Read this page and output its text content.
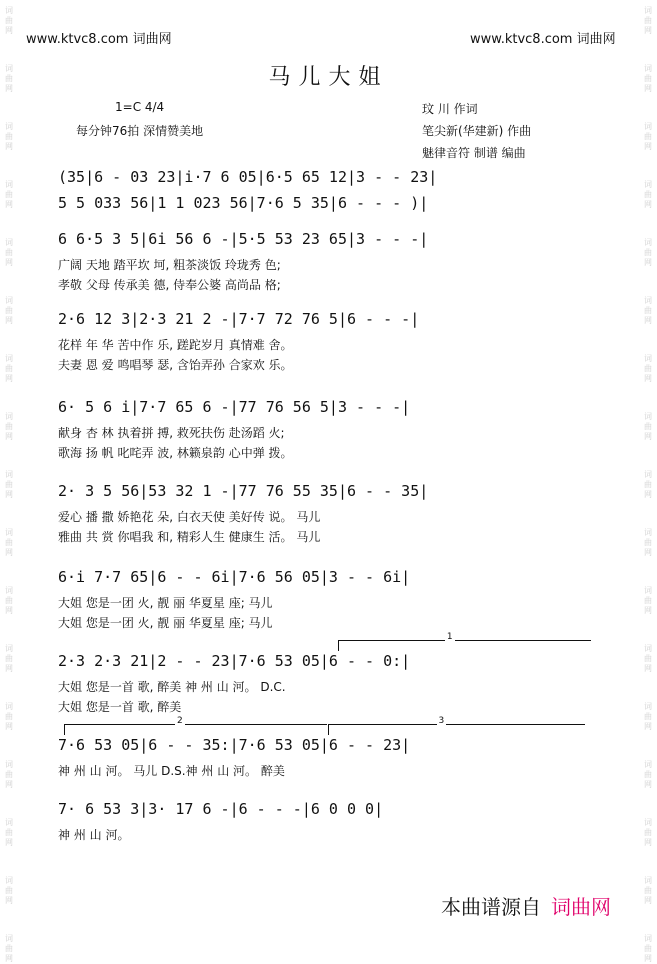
词
曲
网
词
曲
网
词
曲
网
词
曲
网
词
曲
网
词
曲
网
词
曲
网
词
曲
网
词
曲
网
词
曲
网
词
曲
网
词
曲
网
词
曲
网
词
曲
网
词
曲
网
词
曲
网
词
曲
网
词
曲
网
词
曲
网
词
曲
网
词
曲
网
词
曲
网
词
曲
网
词
曲
网
词
曲
网
词
曲
网
词
曲
网
词
曲
网
词
曲
网
词
曲
网
词
曲
网
词
曲
网
词
曲
网
词
曲
网
www.ktvc8.com 词曲网	www.ktvc8.com 词曲网
马儿大姐
1=C 4/4
每分钟76拍 深情赞美地
玟 川 作词
笔尖新(华建新) 作曲
魅律音符 制谱 编曲
(35|6 - 03 23|i·7 6 05|6·5 65 12|3 - - 23|
5 5 033 56|1 1 023 56|7·6 5 35|6 - - - )|
6 6·5 3 5|6i 56 6 -|5·5 53 23 65|3 - - -|
广阔 天地 踏平坎 坷, 粗茶淡饭 玲珑秀 色;
孝敬 父母 传承美 德, 侍奉公婆 高尚品 格;
2·6 12 3|2·3 21 2 -|7·7 72 76 5|6 - - -|
花样 年 华 苦中作 乐, 蹉跎岁月 真情难 舍。
夫妻 恩 爱 鸣唱琴 瑟, 含饴弄孙 合家欢 乐。
6· 5 6 i|7·7 65 6 -|77 76 56 5|3 - - -|
献身 杏 林 执着拼 搏, 救死扶伤 赴汤蹈 火;
歌海 扬 帆 叱咤弄 波, 林籁泉韵 心中弹 拨。
2· 3 5 56|53 32 1 -|77 76 55 35|6 - - 35|
爱心 播 撒 娇艳花 朵, 白衣天使 美好传 说。 马儿
雅曲 共 赏 你唱我 和, 精彩人生 健康生 活。 马儿
6·i 7·7 65|6 - - 6i|7·6 56 05|3 - - 6i|
大姐 您是一团 火, 靓 丽 华夏星 座; 马儿
大姐 您是一团 火, 靓 丽 华夏星 座; 马儿
2·3 2·3 21|2 - - 23|7·6 53 05|6 - - 0:|
大姐 您是一首 歌, 醉美 神 州 山 河。 D.C.
大姐 您是一首 歌, 醉美
7·6 53 05|6 - - 35:|7·6 53 05|6 - - 23|
神 州 山 河。 马儿 D.S.神 州 山 河。 醉美
7· 6 53 3|3· 17 6 -|6 - - -|6 0 0 0|
神 州 山 河。
1
2	3
本曲谱源自 词曲网
